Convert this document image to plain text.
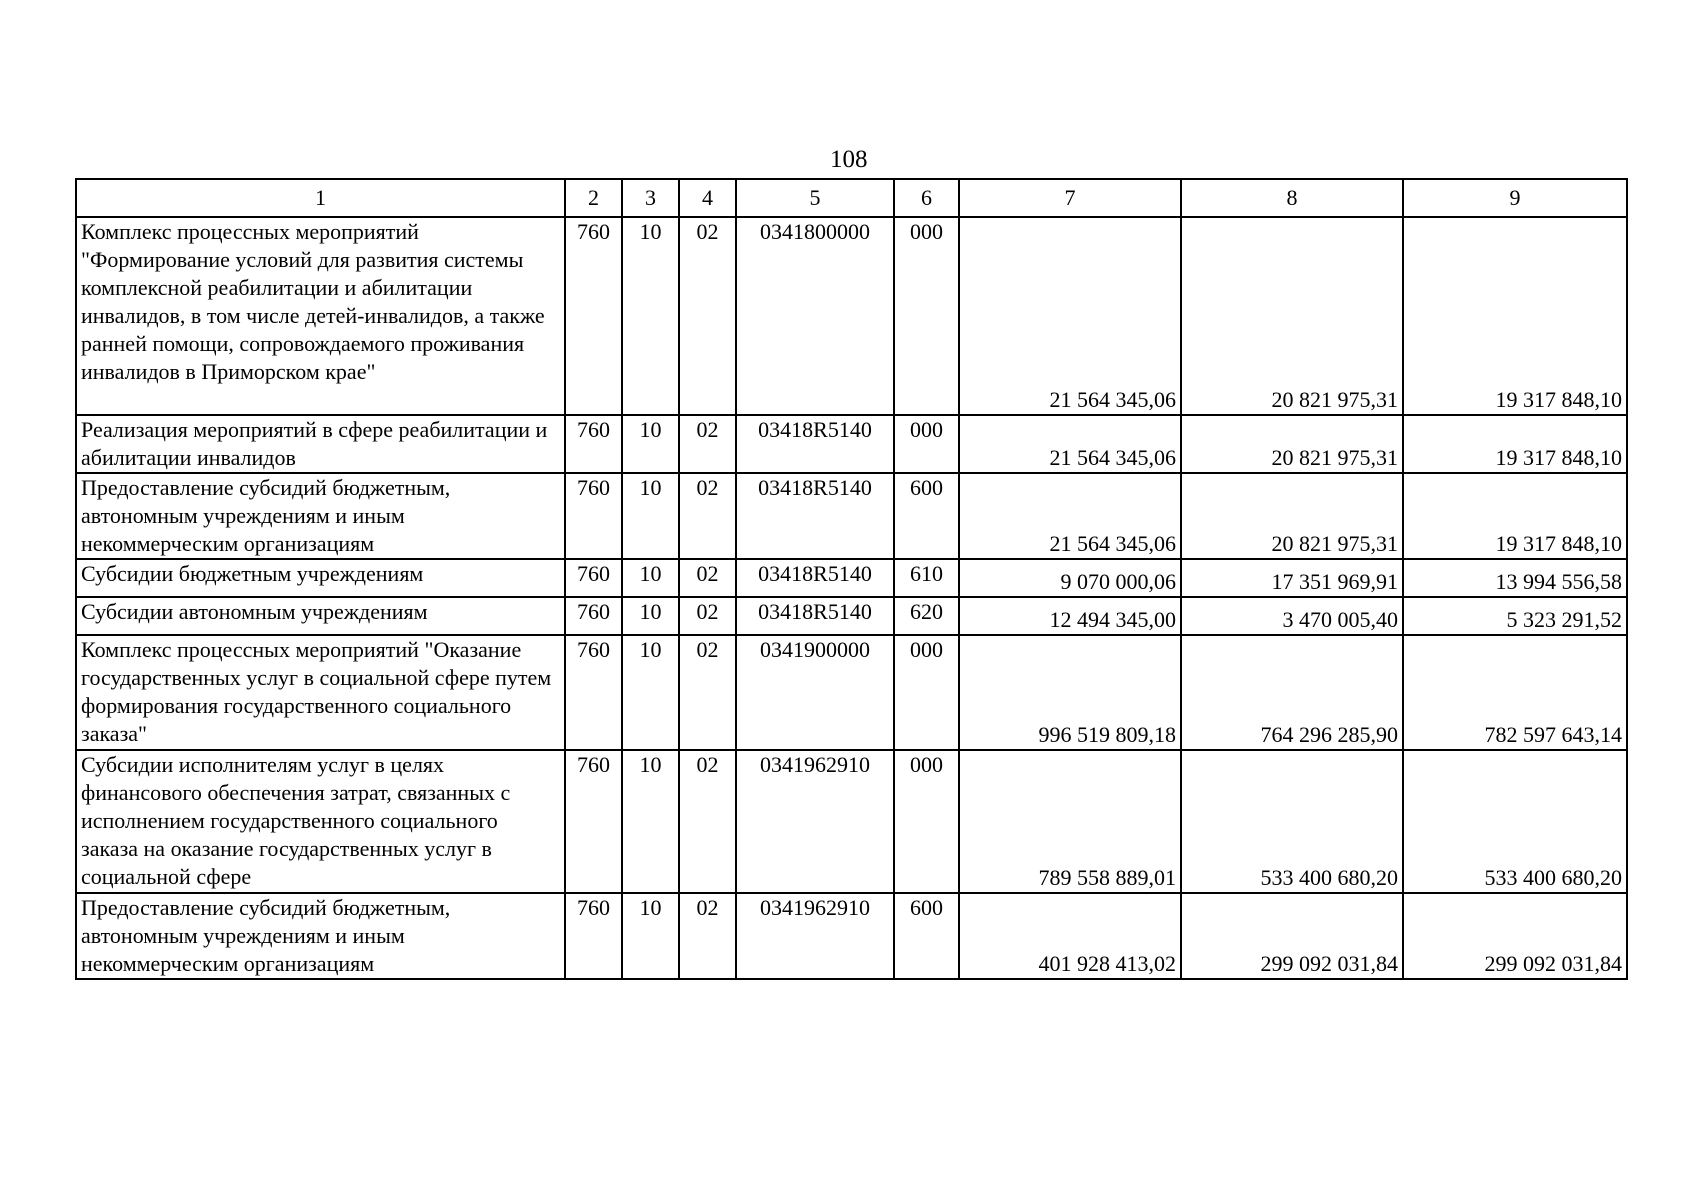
108
1	2	3	4	5	6	7	8	9
Комплекс процессных мероприятий "Формирование условий для развития системы комплексной реабилитации и абилитации инвалидов, в том числе детей-инвалидов, а также ранней помощи, сопровождаемого проживания инвалидов в Приморском крае"	760	10	02	0341800000	000	21 564 345,06	20 821 975,31	19 317 848,10
Реализация мероприятий в сфере реабилитации и абилитации инвалидов	760	10	02	03418R5140	000	21 564 345,06	20 821 975,31	19 317 848,10
Предоставление субсидий бюджетным, автономным учреждениям и иным некоммерческим организациям	760	10	02	03418R5140	600	21 564 345,06	20 821 975,31	19 317 848,10
Субсидии бюджетным учреждениям	760	10	02	03418R5140	610	9 070 000,06	17 351 969,91	13 994 556,58
Субсидии автономным учреждениям	760	10	02	03418R5140	620	12 494 345,00	3 470 005,40	5 323 291,52
Комплекс процессных мероприятий "Оказание государственных услуг в социальной сфере путем формирования государственного социального заказа"	760	10	02	0341900000	000	996 519 809,18	764 296 285,90	782 597 643,14
Субсидии исполнителям услуг в целях финансового обеспечения затрат, связанных с исполнением государственного социального заказа на оказание государственных услуг в социальной сфере	760	10	02	0341962910	000	789 558 889,01	533 400 680,20	533 400 680,20
Предоставление субсидий бюджетным, автономным учреждениям и иным некоммерческим организациям	760	10	02	0341962910	600	401 928 413,02	299 092 031,84	299 092 031,84
